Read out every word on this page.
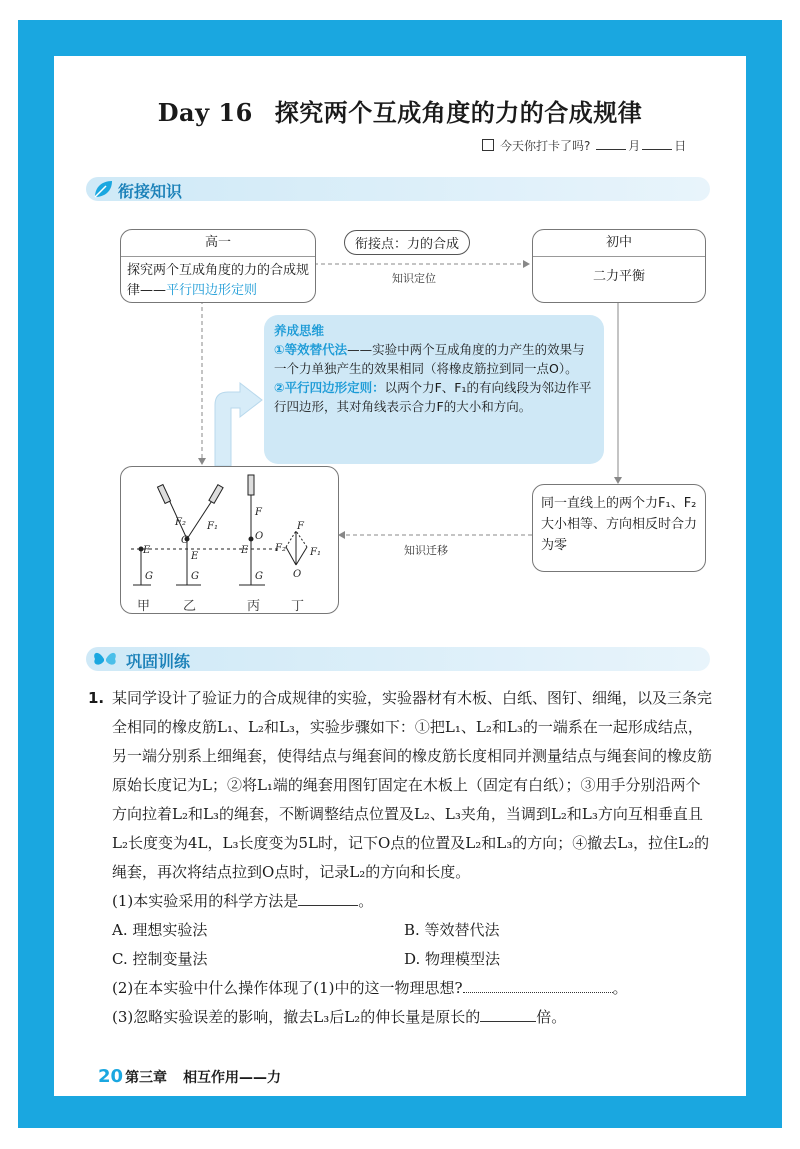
Day 16 探究两个互成角度的力的合成规律
今天你打卡了吗?	月	日
衔接知识
高一
探究两个互成角度的力的合成规律——平行四边形定则
衔接点：力的合成
知识定位
初中
二力平衡
养成思维
①等效替代法——实验中两个互成角度的力产生的效果与一个力单独产生的效果相同（将橡皮筋拉到同一点O）。
②平行四边形定则：以两个力F、F₁的有向线段为邻边作平行四边形，其对角线表示合力F的大小和方向。
E
G
F₂ F₁
O
E
G
F
O
E
G
F
F₂ F₁
O
甲	乙	丙 丁
知识迁移
同一直线上的两个力F₁、F₂大小相等、方向相反时合力为零
巩固训练
1. 某同学设计了验证力的合成规律的实验，实验器材有木板、白纸、图钉、细绳，以及三条完全相同的橡皮筋L₁、L₂和L₃，实验步骤如下：①把L₁、L₂和L₃的一端系在一起形成结点，另一端分别系上细绳套，使得结点与绳套间的橡皮筋长度相同并测量结点与绳套间的橡皮筋原始长度记为L；②将L₁端的绳套用图钉固定在木板上（固定有白纸）；③用手分别沿两个方向拉着L₂和L₃的绳套，不断调整结点位置及L₂、L₃夹角，当调到L₂和L₃方向互相垂直且L₂长度变为4L，L₃长度变为5L时，记下O点的位置及L₂和L₃的方向；④撤去L₃，拉住L₂的绳套，再次将结点拉到O点时，记录L₂的方向和长度。
(1)本实验采用的科学方法是	。
A. 理想实验法	B. 等效替代法
C. 控制变量法	D. 物理模型法
(2)在本实验中什么操作体现了(1)中的这一物理思想?	。
(3)忽略实验误差的影响，撤去L₃后L₂的伸长量是原长的	倍。
20 第三章 相互作用——力
